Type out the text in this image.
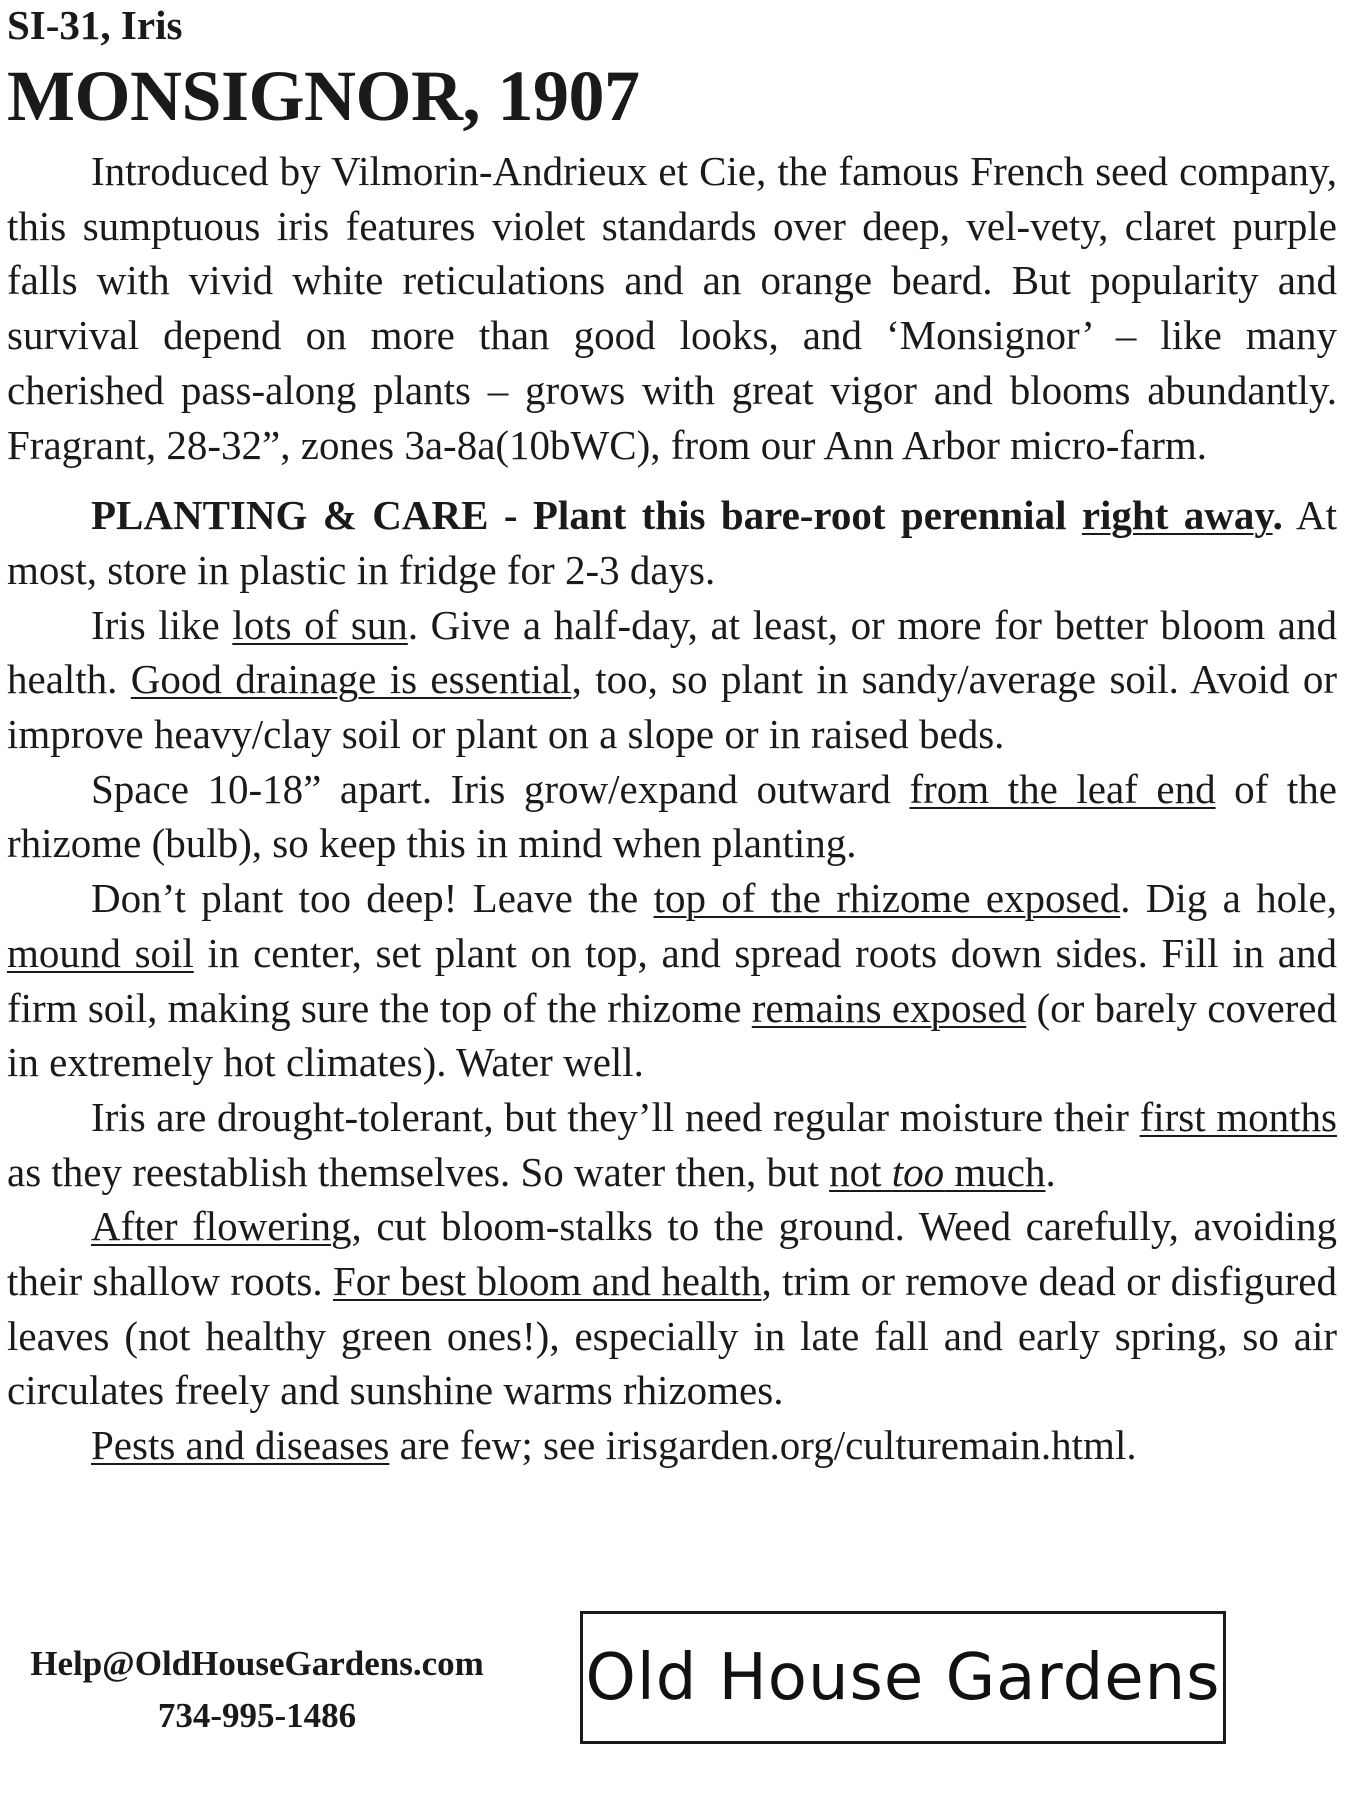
SI-31, Iris
MONSIGNOR, 1907

Introduced by Vilmorin-Andrieux et Cie, the famous French seed company, this sumptuous iris features violet standards over deep, vel-vety, claret purple falls with vivid white reticulations and an orange beard. But popularity and survival depend on more than good looks, and ‘Monsignor’ – like many cherished pass-along plants – grows with great vigor and blooms abundantly. Fragrant, 28-32”, zones 3a-8a(10bWC), from our Ann Arbor micro-farm.

PLANTING & CARE - Plant this bare-root perennial right away. At most, store in plastic in fridge for 2-3 days.

Iris like lots of sun. Give a half-day, at least, or more for better bloom and health. Good drainage is essential, too, so plant in sandy/average soil. Avoid or improve heavy/clay soil or plant on a slope or in raised beds.

Space 10-18” apart. Iris grow/expand outward from the leaf end of the rhizome (bulb), so keep this in mind when planting.

Don’t plant too deep! Leave the top of the rhizome exposed. Dig a hole, mound soil in center, set plant on top, and spread roots down sides. Fill in and firm soil, making sure the top of the rhizome remains exposed (or barely covered in extremely hot climates). Water well.

Iris are drought-tolerant, but they’ll need regular moisture their first months as they reestablish themselves. So water then, but not too much.

After flowering, cut bloom-stalks to the ground. Weed carefully, avoiding their shallow roots. For best bloom and health, trim or remove dead or disfigured leaves (not healthy green ones!), especially in late fall and early spring, so air circulates freely and sunshine warms rhizomes.

Pests and diseases are few; see irisgarden.org/culturemain.html.

Help@OldHouseGardens.com
734-995-1486
Old House Gardens
